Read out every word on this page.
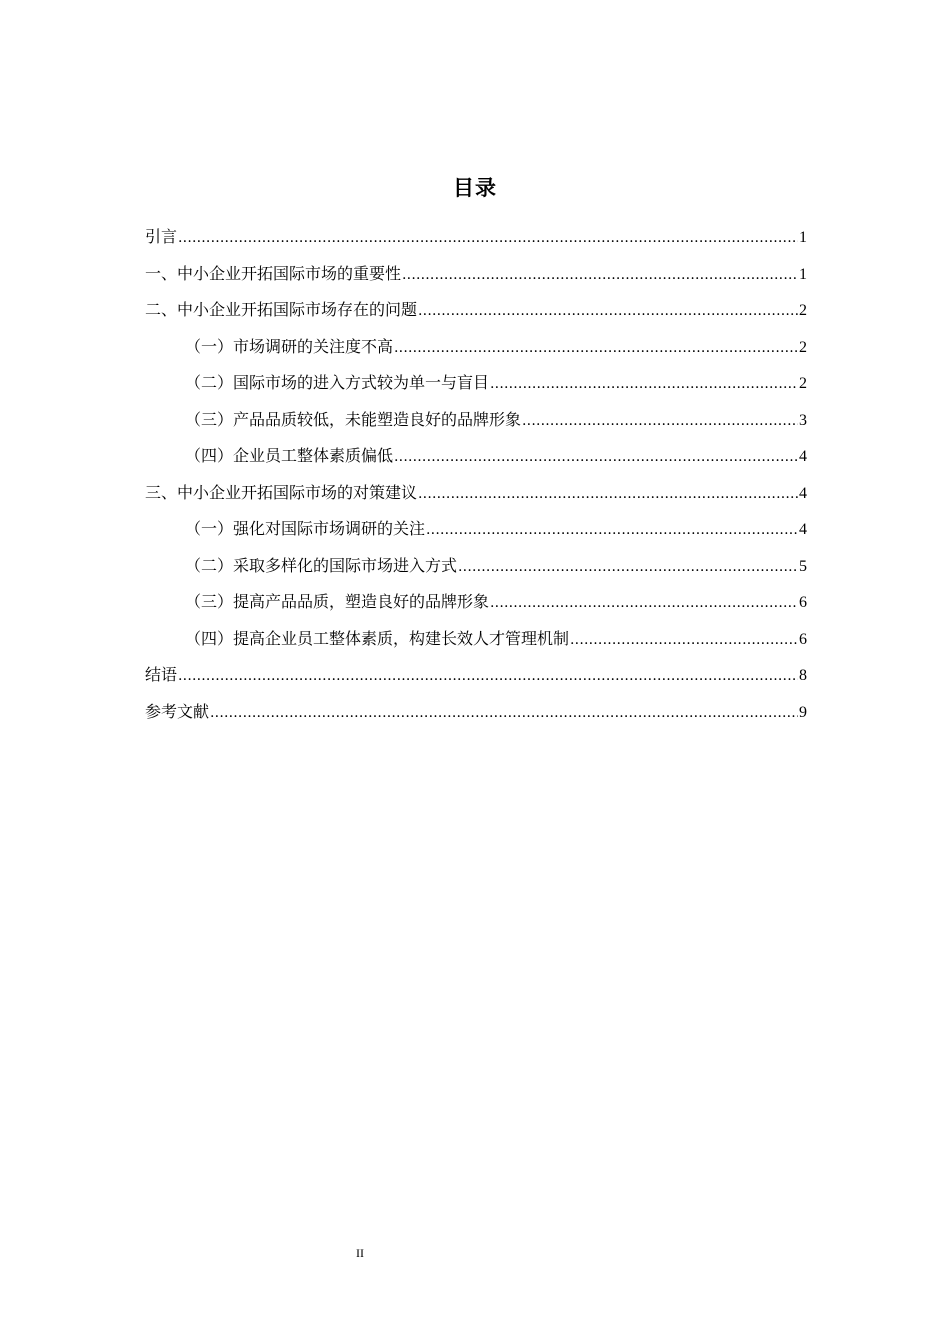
目录
引言 .....	1
一、中小企业开拓国际市场的重要性 .....	1
二、中小企业开拓国际市场存在的问题 .....	2
（一）市场调研的关注度不高 .....	2
（二）国际市场的进入方式较为单一与盲目 .....	2
（三）产品品质较低，未能塑造良好的品牌形象 .....	3
（四）企业员工整体素质偏低 .....	4
三、中小企业开拓国际市场的对策建议 .....	4
（一）强化对国际市场调研的关注 .....	4
（二）采取多样化的国际市场进入方式 .....	5
（三）提高产品品质，塑造良好的品牌形象 .....	6
（四）提高企业员工整体素质，构建长效人才管理机制 .....	6
结语 .....	8
参考文献 .....	9
II
